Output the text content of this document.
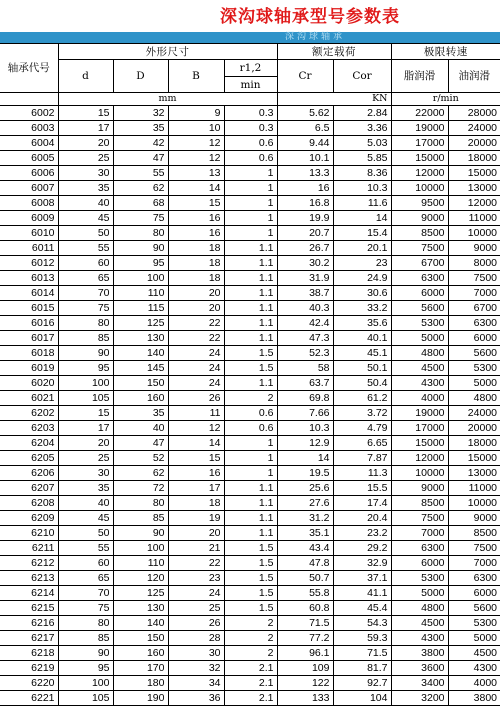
深沟球轴承型号参数表
深沟球轴承
轴承代号	外形尺寸				额定载荷		极限转速	
	d	D	B	r1,2	Cr	Cor	脂润滑	油润滑
				min				
	mm				KN		r/min	
6002	15	32	9	0.3	5.62	2.84	22000	28000
6003	17	35	10	0.3	6.5	3.36	19000	24000
6004	20	42	12	0.6	9.44	5.03	17000	20000
6005	25	47	12	0.6	10.1	5.85	15000	18000
6006	30	55	13	1	13.3	8.36	12000	15000
6007	35	62	14	1	16	10.3	10000	13000
6008	40	68	15	1	16.8	11.6	9500	12000
6009	45	75	16	1	19.9	14	9000	11000
6010	50	80	16	1	20.7	15.4	8500	10000
6011	55	90	18	1.1	26.7	20.1	7500	9000
6012	60	95	18	1.1	30.2	23	6700	8000
6013	65	100	18	1.1	31.9	24.9	6300	7500
6014	70	110	20	1.1	38.7	30.6	6000	7000
6015	75	115	20	1.1	40.3	33.2	5600	6700
6016	80	125	22	1.1	42.4	35.6	5300	6300
6017	85	130	22	1.1	47.3	40.1	5000	6000
6018	90	140	24	1.5	52.3	45.1	4800	5600
6019	95	145	24	1.5	58	50.1	4500	5300
6020	100	150	24	1.1	63.7	50.4	4300	5000
6021	105	160	26	2	69.8	61.2	4000	4800
6202	15	35	11	0.6	7.66	3.72	19000	24000
6203	17	40	12	0.6	10.3	4.79	17000	20000
6204	20	47	14	1	12.9	6.65	15000	18000
6205	25	52	15	1	14	7.87	12000	15000
6206	30	62	16	1	19.5	11.3	10000	13000
6207	35	72	17	1.1	25.6	15.5	9000	11000
6208	40	80	18	1.1	27.6	17.4	8500	10000
6209	45	85	19	1.1	31.2	20.4	7500	9000
6210	50	90	20	1.1	35.1	23.2	7000	8500
6211	55	100	21	1.5	43.4	29.2	6300	7500
6212	60	110	22	1.5	47.8	32.9	6000	7000
6213	65	120	23	1.5	50.7	37.1	5300	6300
6214	70	125	24	1.5	55.8	41.1	5000	6000
6215	75	130	25	1.5	60.8	45.4	4800	5600
6216	80	140	26	2	71.5	54.3	4500	5300
6217	85	150	28	2	77.2	59.3	4300	5000
6218	90	160	30	2	96.1	71.5	3800	4500
6219	95	170	32	2.1	109	81.7	3600	4300
6220	100	180	34	2.1	122	92.7	3400	4000
6221	105	190	36	2.1	133	104	3200	3800
